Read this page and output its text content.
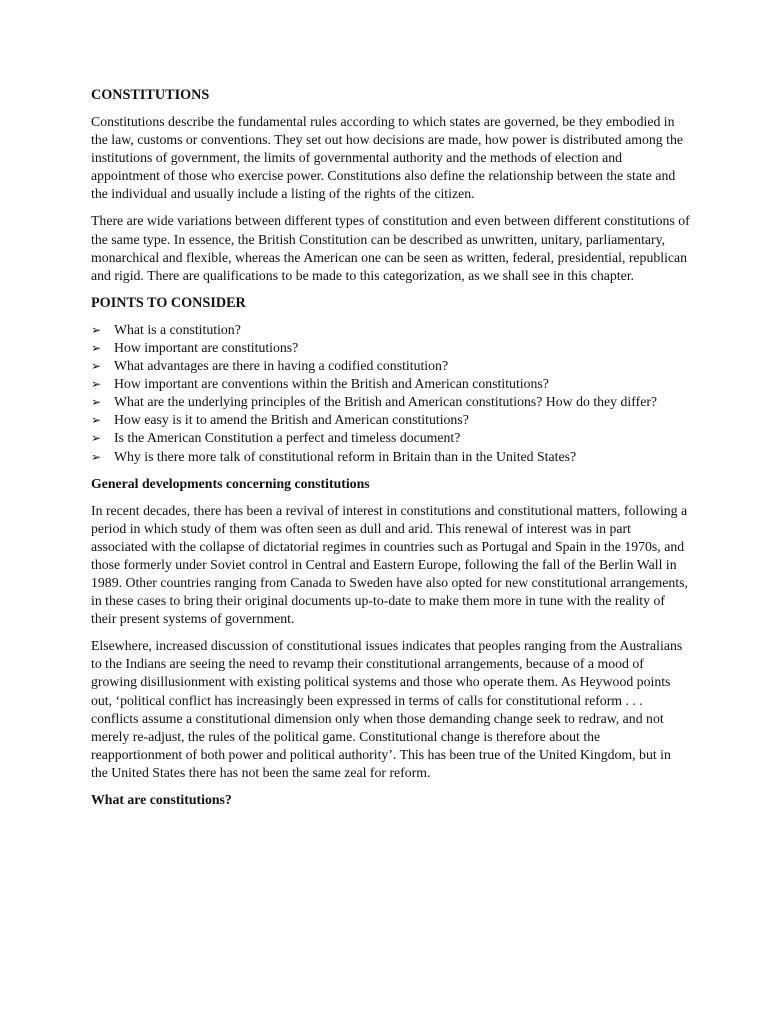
CONSTITUTIONS

Constitutions describe the fundamental rules according to which states are governed, be they embodied in the law, customs or conventions. They set out how decisions are made, how power is distributed among the institutions of government, the limits of governmental authority and the methods of election and appointment of those who exercise power. Constitutions also define the relationship between the state and the individual and usually include a listing of the rights of the citizen.

There are wide variations between different types of constitution and even between different constitutions of the same type. In essence, the British Constitution can be described as unwritten, unitary, parliamentary, monarchical and flexible, whereas the American one can be seen as written, federal, presidential, republican and rigid. There are qualifications to be made to this categorization, as we shall see in this chapter.

POINTS TO CONSIDER
➢ What is a constitution?
➢ How important are constitutions?
➢ What advantages are there in having a codified constitution?
➢ How important are conventions within the British and American constitutions?
➢ What are the underlying principles of the British and American constitutions? How do they differ?
➢ How easy is it to amend the British and American constitutions?
➢ Is the American Constitution a perfect and timeless document?
➢ Why is there more talk of constitutional reform in Britain than in the United States?
General developments concerning constitutions

In recent decades, there has been a revival of interest in constitutions and constitutional matters, following a period in which study of them was often seen as dull and arid. This renewal of interest was in part associated with the collapse of dictatorial regimes in countries such as Portugal and Spain in the 1970s, and those formerly under Soviet control in Central and Eastern Europe, following the fall of the Berlin Wall in 1989. Other countries ranging from Canada to Sweden have also opted for new constitutional arrangements, in these cases to bring their original documents up-to-date to make them more in tune with the reality of their present systems of government.

Elsewhere, increased discussion of constitutional issues indicates that peoples ranging from the Australians to the Indians are seeing the need to revamp their constitutional arrangements, because of a mood of growing disillusionment with existing political systems and those who operate them. As Heywood points out, ‘political conflict has increasingly been expressed in terms of calls for constitutional reform . . . conflicts assume a constitutional dimension only when those demanding change seek to redraw, and not merely re-adjust, the rules of the political game. Constitutional change is therefore about the reapportionment of both power and political authority’. This has been true of the United Kingdom, but in the United States there has not been the same zeal for reform.

What are constitutions?
